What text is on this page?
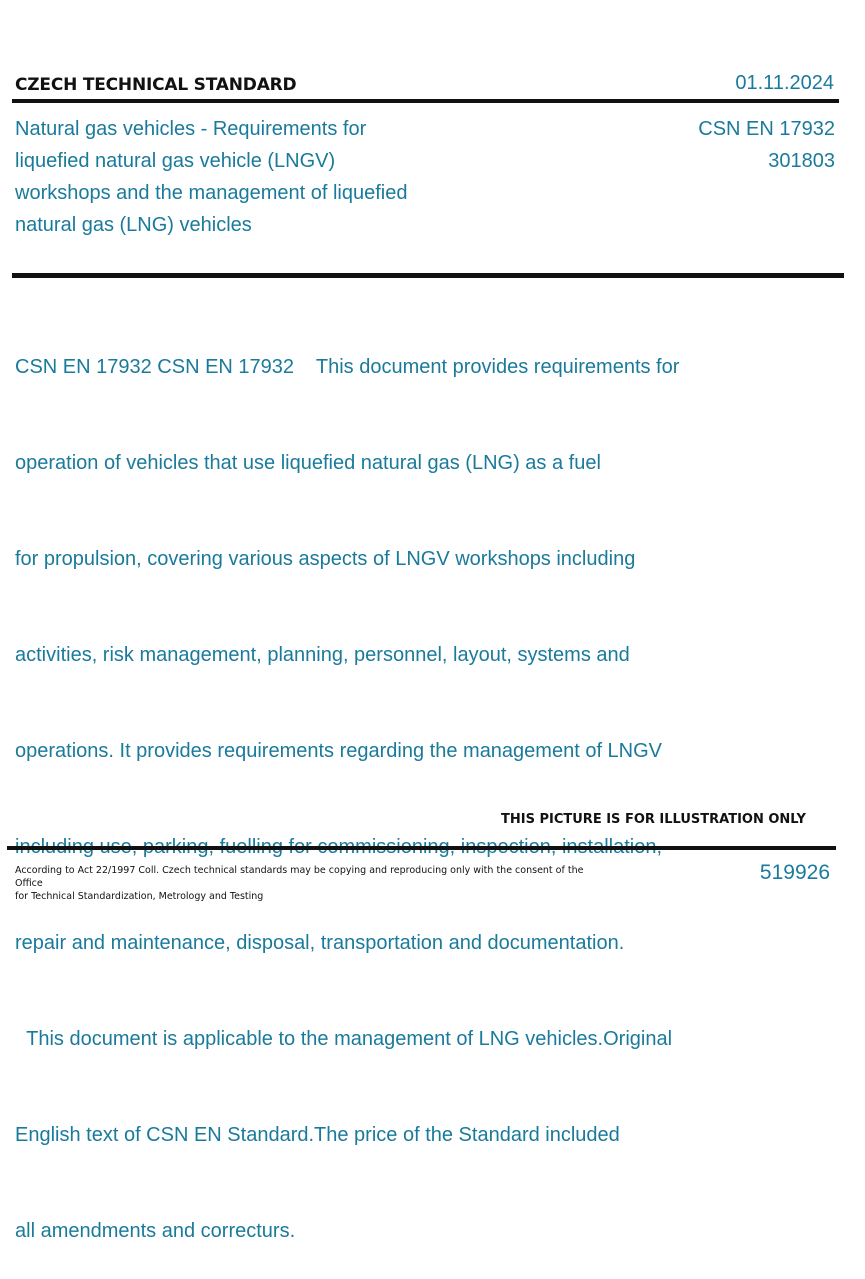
CZECH TECHNICAL STANDARD	01.11.2024
Natural gas vehicles - Requirements for
liquefied natural gas vehicle (LNGV)
workshops and the management of liquefied
natural gas (LNG) vehicles
CSN EN 17932
301803

CSN EN 17932 CSN EN 17932    This document provides requirements for

operation of vehicles that use liquefied natural gas (LNG) as a fuel

for propulsion, covering various aspects of LNGV workshops including

activities, risk management, planning, personnel, layout, systems and

operations. It provides requirements regarding the management of LNGV

repair and maintenance, disposal, transportation and documentation.

This document is applicable to the management of LNG vehicles.Original

English text of CSN EN Standard.The price of the Standard included

all amendments and correcturs.

THIS PICTURE IS FOR ILLUSTRATION ONLY
According to Act 22/1997 Coll. Czech technical standards may be copying and reproducing only with the consent of the Office
for Technical Standardization, Metrology and Testing
519926
